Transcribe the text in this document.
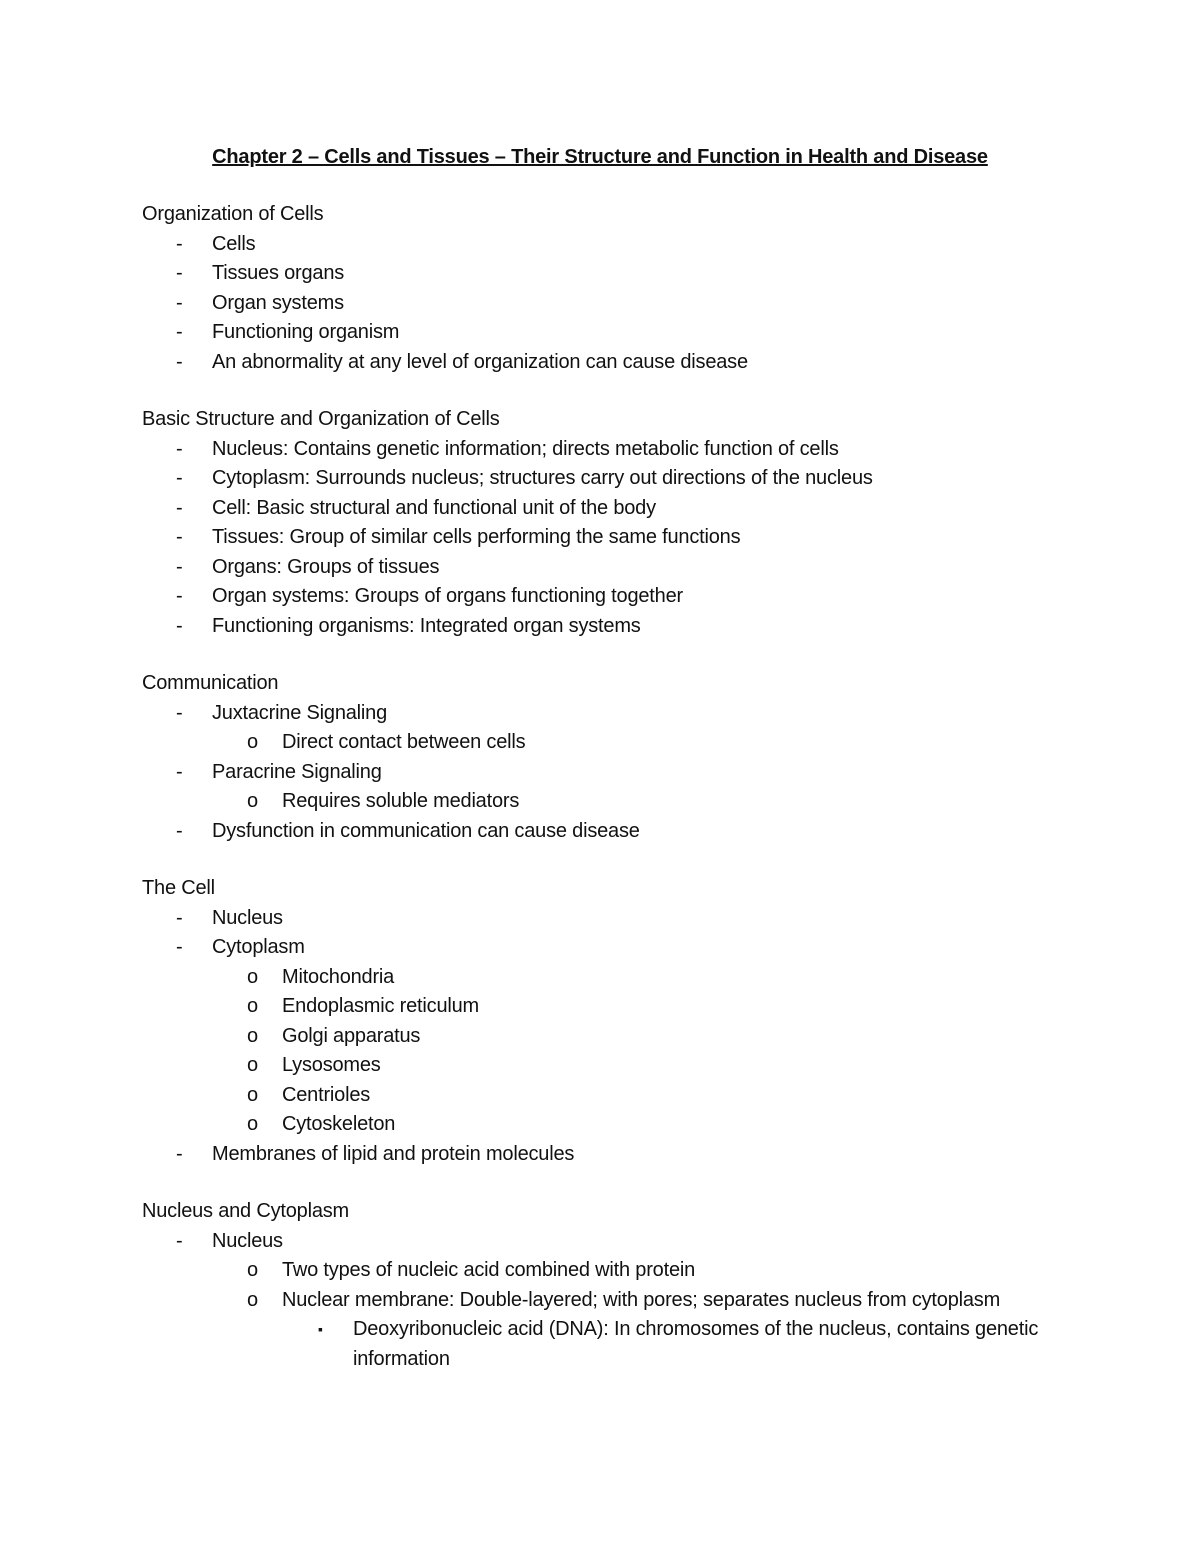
Chapter 2 – Cells and Tissues – Their Structure and Function in Health and Disease
Organization of Cells
- Cells
- Tissues organs
- Organ systems
- Functioning organism
- An abnormality at any level of organization can cause disease
Basic Structure and Organization of Cells
- Nucleus: Contains genetic information; directs metabolic function of cells
- Cytoplasm: Surrounds nucleus; structures carry out directions of the nucleus
- Cell: Basic structural and functional unit of the body
- Tissues: Group of similar cells performing the same functions
- Organs: Groups of tissues
- Organ systems: Groups of organs functioning together
- Functioning organisms: Integrated organ systems
Communication
- Juxtacrine Signaling
o Direct contact between cells
- Paracrine Signaling
o Requires soluble mediators
- Dysfunction in communication can cause disease
The Cell
- Nucleus
- Cytoplasm
o Mitochondria
o Endoplasmic reticulum
o Golgi apparatus
o Lysosomes
o Centrioles
o Cytoskeleton
- Membranes of lipid and protein molecules
Nucleus and Cytoplasm
- Nucleus
o Two types of nucleic acid combined with protein
o Nuclear membrane: Double-layered; with pores; separates nucleus from cytoplasm
▪ Deoxyribonucleic acid (DNA): In chromosomes of the nucleus, contains genetic information
